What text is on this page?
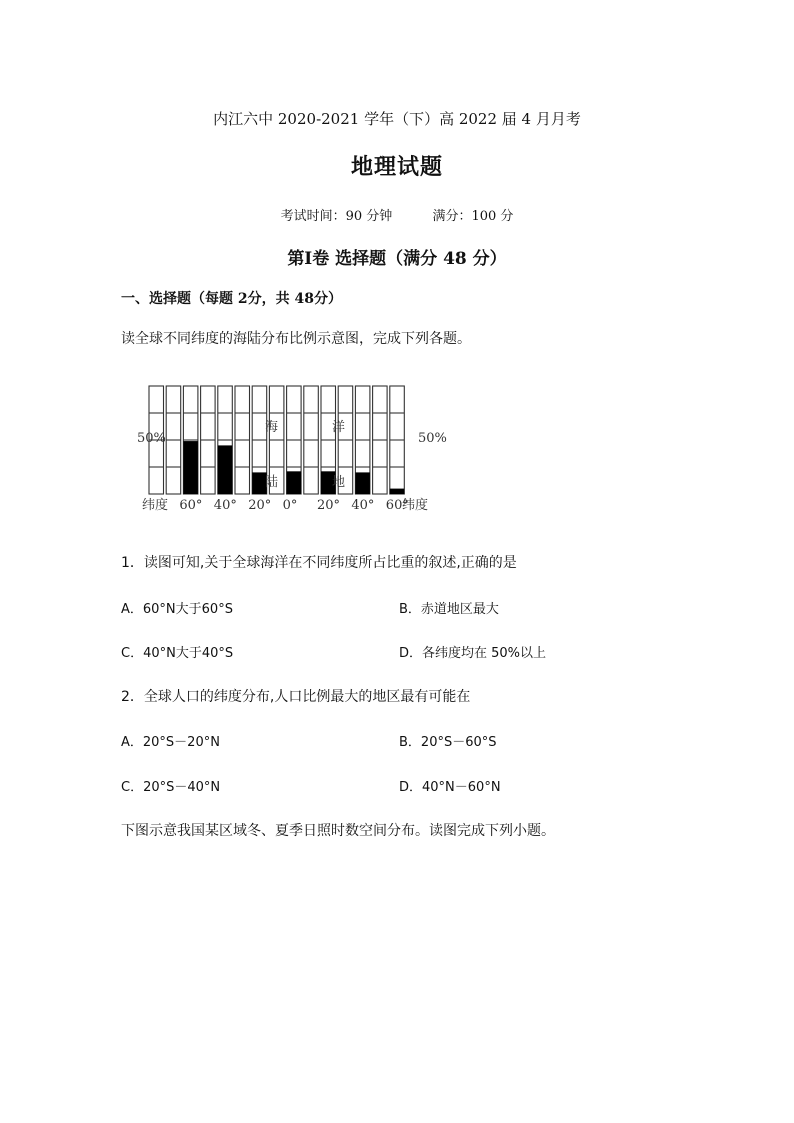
内江六中 2020-2021 学年（下）高 2022 届 4 月月考
地理试题
考试时间：90 分钟	满分：100 分
第Ⅰ卷 选择题（满分 48 分）
一、选择题（每题 2分，共 48分）
读全球不同纬度的海陆分布比例示意图，完成下列各题。
50%	50%
纬度	纬度
海	洋
陆	地
60° 40° 20° 0° 20° 40° 60°
1．读图可知,关于全球海洋在不同纬度所占比重的叙述,正确的是
A．60°N大于60°S	B．赤道地区最大
C．40°N大于40°S	D．各纬度均在 50%以上
2．全球人口的纬度分布,人口比例最大的地区最有可能在
A．20°S－20°N	B．20°S－60°S
C．20°S－40°N	D．40°N－60°N
下图示意我国某区域冬、夏季日照时数空间分布。读图完成下列小题。
